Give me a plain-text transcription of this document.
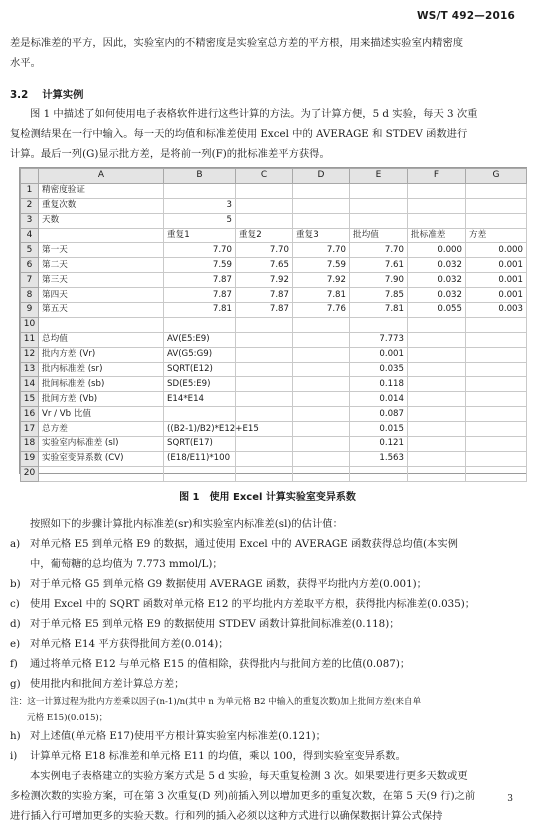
WS/T 492—2016
差是标准差的平方，因此，实验室内的不精密度是实验室总方差的平方根，用来描述实验室内精密度
水平。
3.2 计算实例
图 1 中描述了如何使用电子表格软件进行这些计算的方法。为了计算方便，5 d 实验，每天 3 次重
复检测结果在一行中输入。每一天的均值和标准差使用 Excel 中的 AVERAGE 和 STDEV 函数进行
计算。最后一列(G)显示批方差，是将前一列(F)的批标准差平方获得。
	A	B	C	D	E	F	G
1	精密度验证						
2	重复次数	3					
3	天数	5					
4		重复1	重复2	重复3	批均值	批标准差	方差
5	第一天	7.70	7.70	7.70	7.70	0.000	0.000
6	第二天	7.59	7.65	7.59	7.61	0.032	0.001
7	第三天	7.87	7.92	7.92	7.90	0.032	0.001
8	第四天	7.87	7.87	7.81	7.85	0.032	0.001
9	第五天	7.81	7.87	7.76	7.81	0.055	0.003
10							
11	总均值	AV(E5:E9)			7.773		
12	批内方差 (Vr)	AV(G5:G9)			0.001		
13	批内标准差 (sr)	SQRT(E12)			0.035		
14	批间标准差 (sb)	SD(E5:E9)			0.118		
15	批间方差 (Vb)	E14*E14			0.014		
16	Vr / Vb 比值				0.087		
17	总方差	((B2-1)/B2)*E12+E15			0.015		
18	实验室内标准差 (sl)	SQRT(E17)			0.121		
19	实验室变异系数 (CV)	(E18/E11)*100			1.563		
20							
图 1　使用 Excel 计算实验室变异系数
按照如下的步骤计算批内标准差(sr)和实验室内标准差(sl)的估计值：
a) 对单元格 E5 到单元格 E9 的数据，通过使用 Excel 中的 AVERAGE 函数获得总均值(本实例
中，葡萄糖的总均值为 7.773 mmol/L)；
b) 对于单元格 G5 到单元格 G9 数据使用 AVERAGE 函数，获得平均批内方差(0.001)；
c) 使用 Excel 中的 SQRT 函数对单元格 E12 的平均批内方差取平方根，获得批内标准差(0.035)；
d) 对于单元格 E5 到单元格 E9 的数据使用 STDEV 函数计算批间标准差(0.118)；
e) 对单元格 E14 平方获得批间方差(0.014)；
f) 通过将单元格 E12 与单元格 E15 的值相除，获得批内与批间方差的比值(0.087)；
g) 使用批内和批间方差计算总方差；
注：这一计算过程为批内方差乘以因子(n-1)/n(其中 n 为单元格 B2 中输入的重复次数)加上批间方差(来自单
元格 E15)(0.015)；
h) 对上述值(单元格 E17)使用平方根计算实验室内标准差(0.121)；
i) 计算单元格 E18 标准差和单元格 E11 的均值，乘以 100，得到实验室变异系数。
本实例电子表格建立的实验方案方式是 5 d 实验，每天重复检测 3 次。如果要进行更多天数或更
多检测次数的实验方案，可在第 3 次重复(D 列)前插入列以增加更多的重复次数，在第 5 天(9 行)之前
进行插入行可增加更多的实验天数。行和列的插入必须以这种方式进行以确保数据计算公式保持
3
